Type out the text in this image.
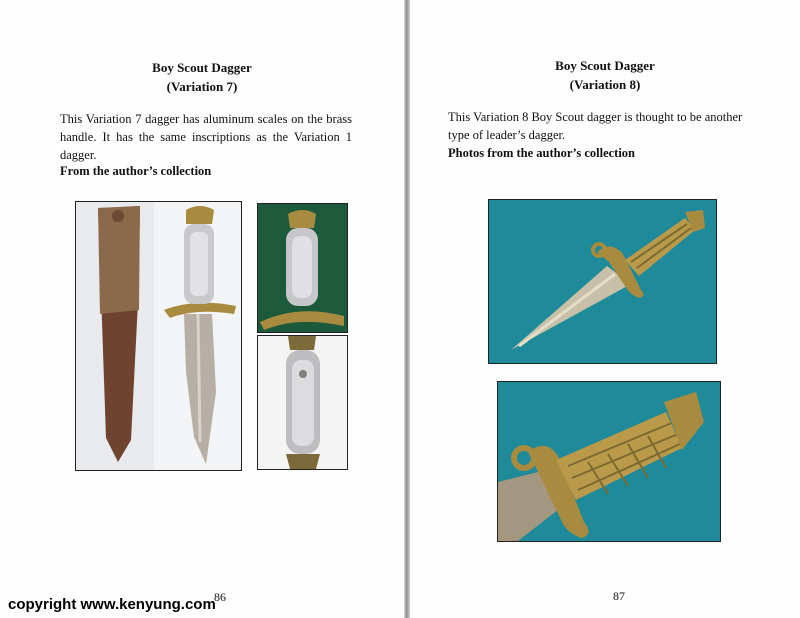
Boy Scout Dagger
(Variation 7)
This Variation 7 dagger has aluminum scales on the brass handle. It has the same inscriptions as the Variation 1 dagger.
From the author’s collection
86
Boy Scout Dagger
(Variation 8)
This Variation 8 Boy Scout dagger is thought to be another type of leader’s dagger.
Photos from the author’s collection
87
copyright www.kenyung.com
